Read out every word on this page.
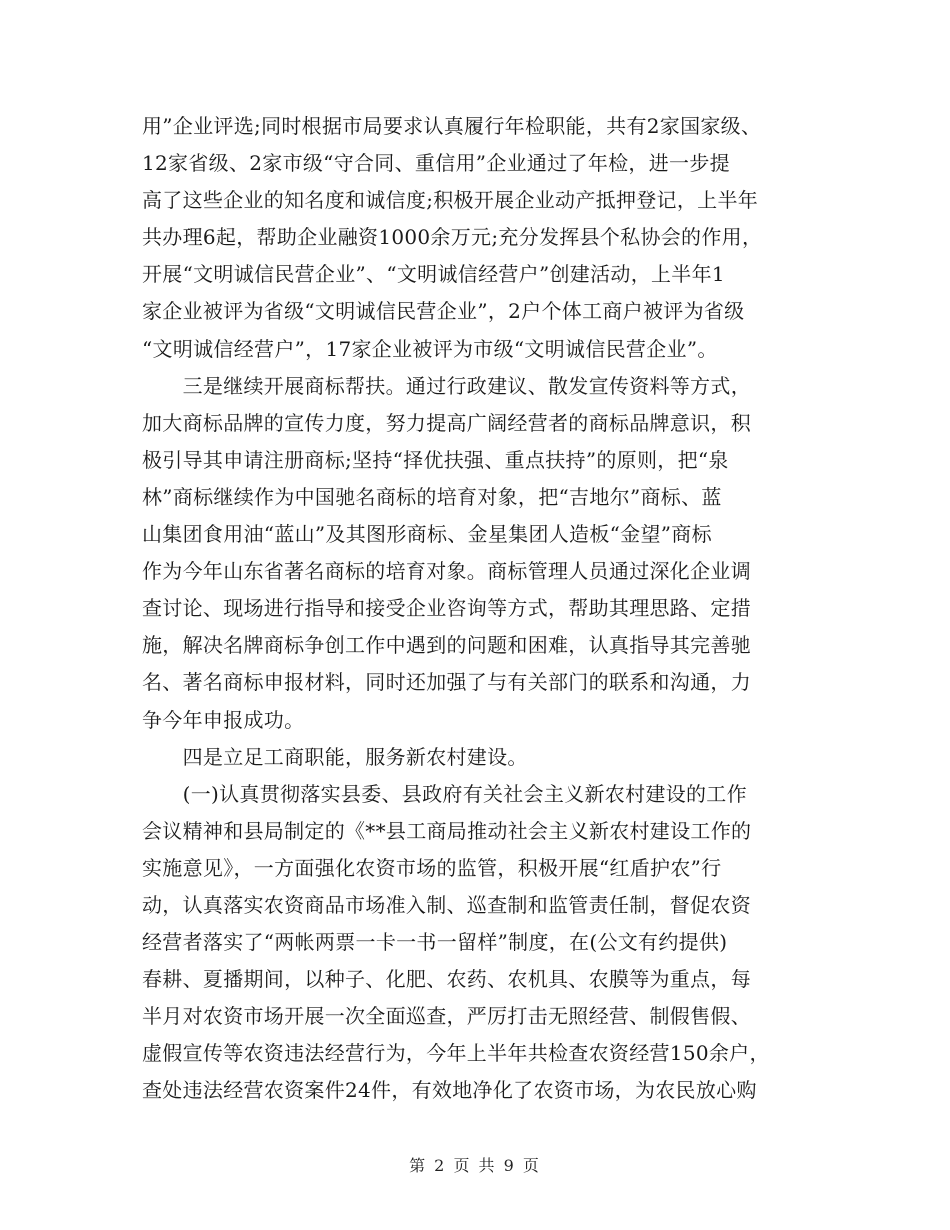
用”企业评选;同时根据市局要求认真履行年检职能，共有2家国家级、
12家省级、2家市级“守合同、重信用”企业通过了年检，进一步提
高了这些企业的知名度和诚信度;积极开展企业动产抵押登记，上半年
共办理6起，帮助企业融资1000余万元;充分发挥县个私协会的作用，
开展“文明诚信民营企业”、“文明诚信经营户”创建活动，上半年1
家企业被评为省级“文明诚信民营企业”，2户个体工商户被评为省级
“文明诚信经营户”，17家企业被评为市级“文明诚信民营企业”。
　　三是继续开展商标帮扶。通过行政建议、散发宣传资料等方式，
加大商标品牌的宣传力度，努力提高广阔经营者的商标品牌意识，积
极引导其申请注册商标;坚持“择优扶强、重点扶持”的原则，把“泉
林”商标继续作为中国驰名商标的培育对象，把“吉地尔”商标、蓝
山集团食用油“蓝山”及其图形商标、金星集团人造板“金望”商标
作为今年山东省著名商标的培育对象。商标管理人员通过深化企业调
查讨论、现场进行指导和接受企业咨询等方式，帮助其理思路、定措
施，解决名牌商标争创工作中遇到的问题和困难，认真指导其完善驰
名、著名商标申报材料，同时还加强了与有关部门的联系和沟通，力
争今年申报成功。
　　四是立足工商职能，服务新农村建设。
　　(一)认真贯彻落实县委、县政府有关社会主义新农村建设的工作
会议精神和县局制定的《**县工商局推动社会主义新农村建设工作的
实施意见》，一方面强化农资市场的监管，积极开展“红盾护农”行
动，认真落实农资商品市场准入制、巡查制和监管责任制，督促农资
经营者落实了“两帐两票一卡一书一留样”制度，在(公文有约提供)
春耕、夏播期间，以种子、化肥、农药、农机具、农膜等为重点，每
半月对农资市场开展一次全面巡查，严厉打击无照经营、制假售假、
虚假宣传等农资违法经营行为，今年上半年共检查农资经营150余户，
查处违法经营农资案件24件，有效地净化了农资市场，为农民放心购
第 2 页 共 9 页
